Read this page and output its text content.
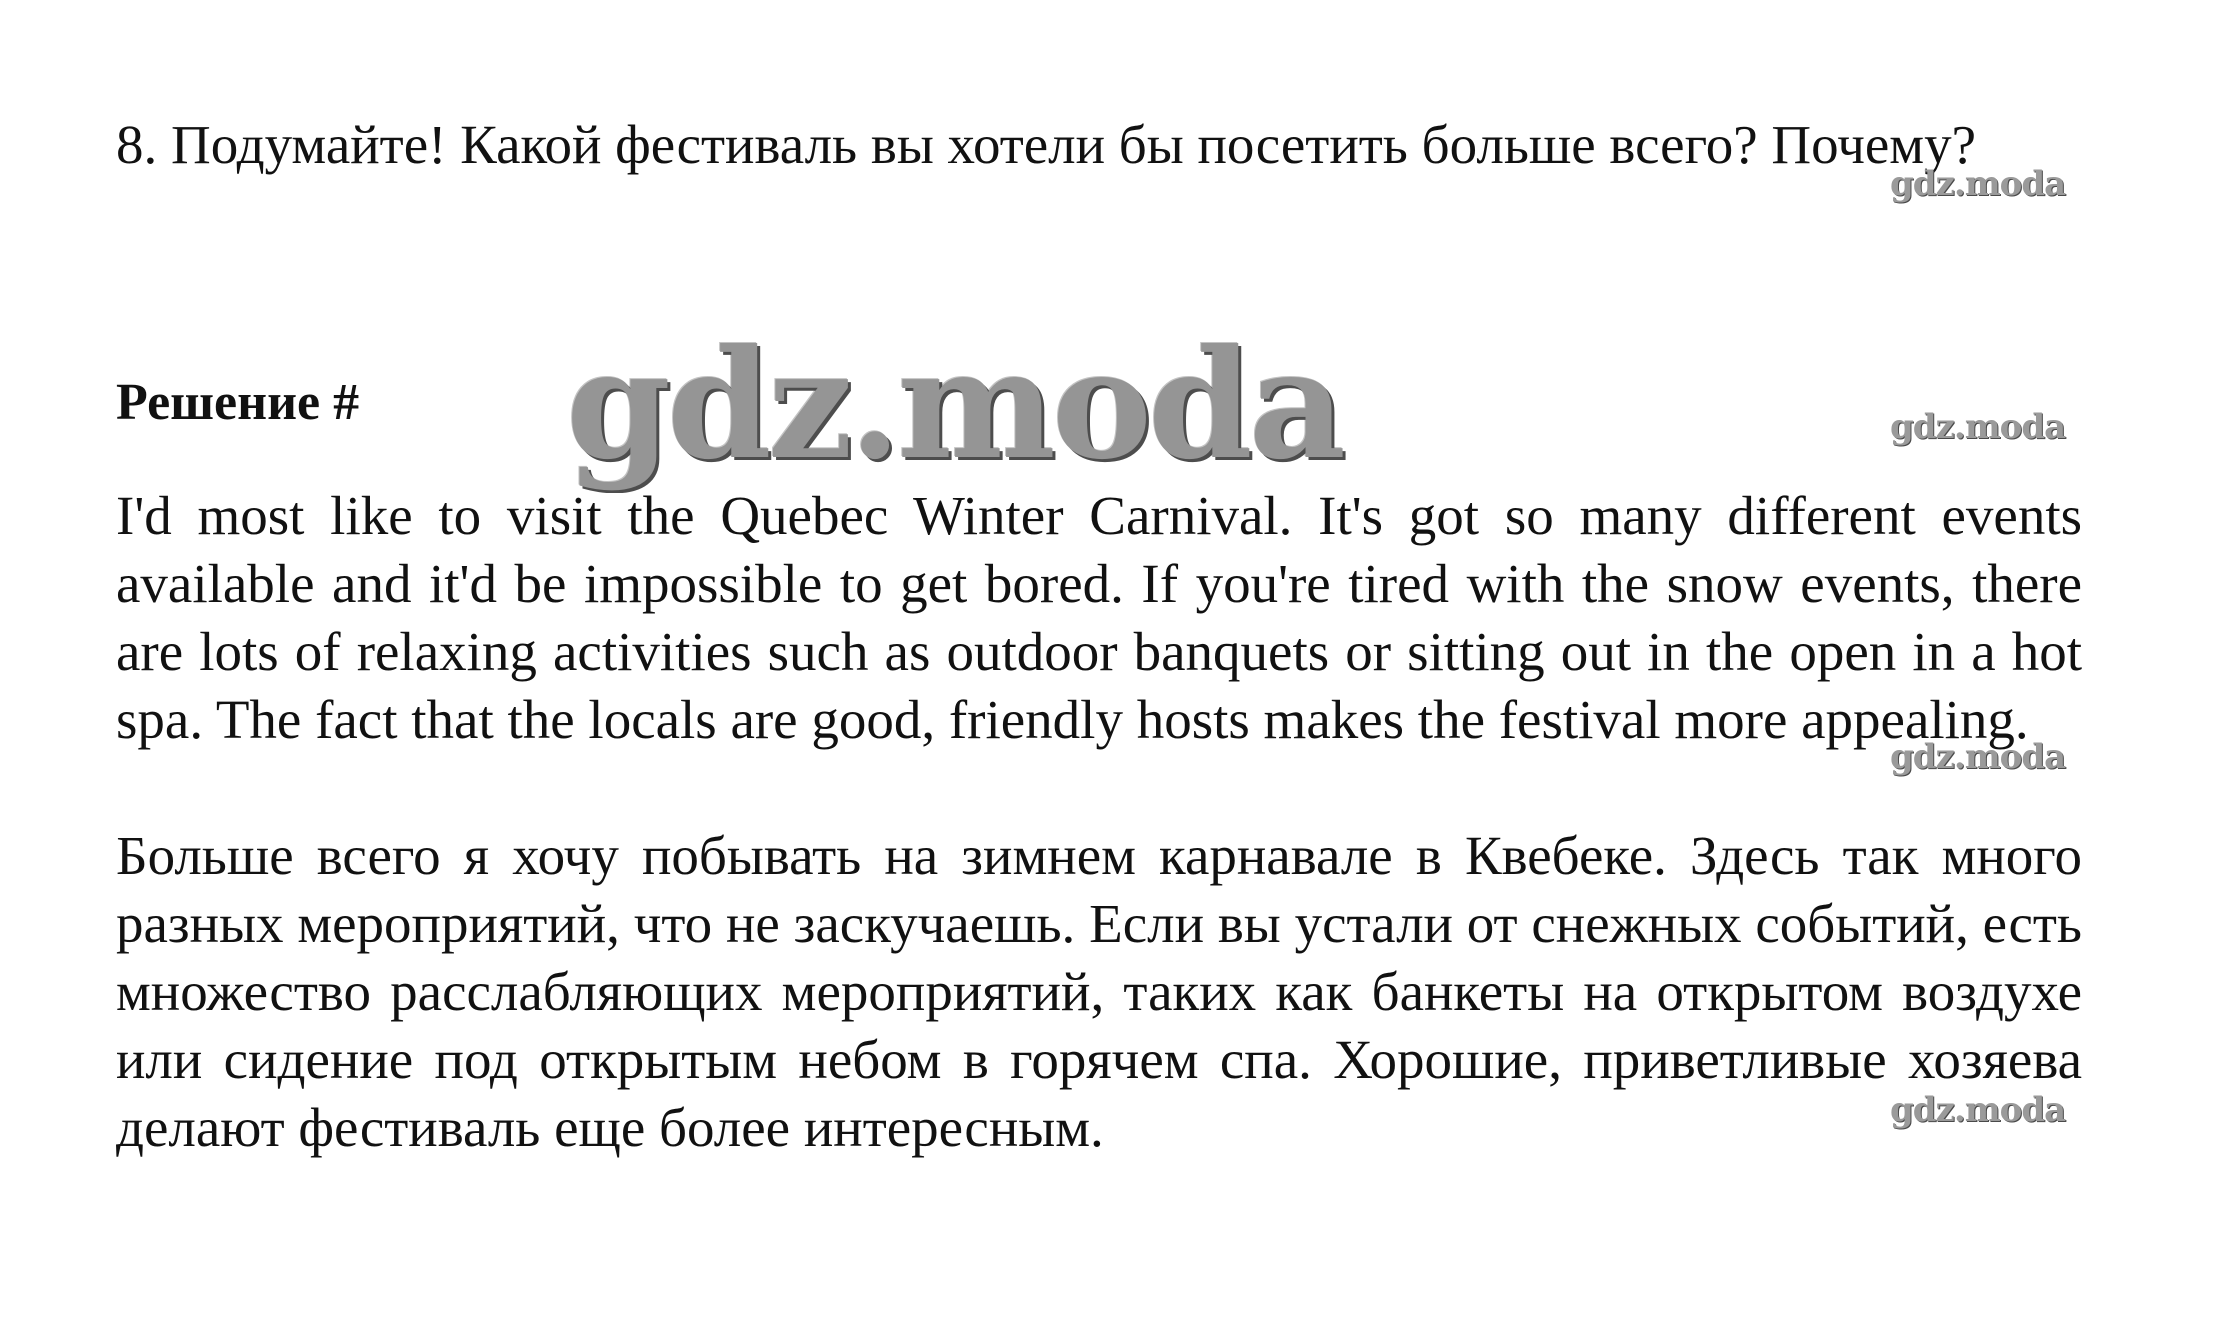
8. Подумайте! Какой фестиваль вы хотели бы посетить больше всего? Почему?
Решение #
I'd most like to visit the Quebec Winter Carnival. It's got so many different events available and it'd be impossible to get bored. If you're tired with the snow events, there are lots of relaxing activities such as outdoor banquets or sitting out in the open in a hot spa. The fact that the locals are good, friendly hosts makes the festival more appealing.
Больше всего я хочу побывать на зимнем карнавале в Квебеке. Здесь так много разных мероприятий, что не заскучаешь. Если вы устали от снежных событий, есть множество расслабляющих мероприятий, таких как банкеты на открытом воздухе или сидение под открытым небом в горячем спа. Хорошие, приветливые хозяева делают фестиваль еще более интересным.
gdz.moda
gdz.moda
gdz.moda
gdz.moda
gdz.moda
